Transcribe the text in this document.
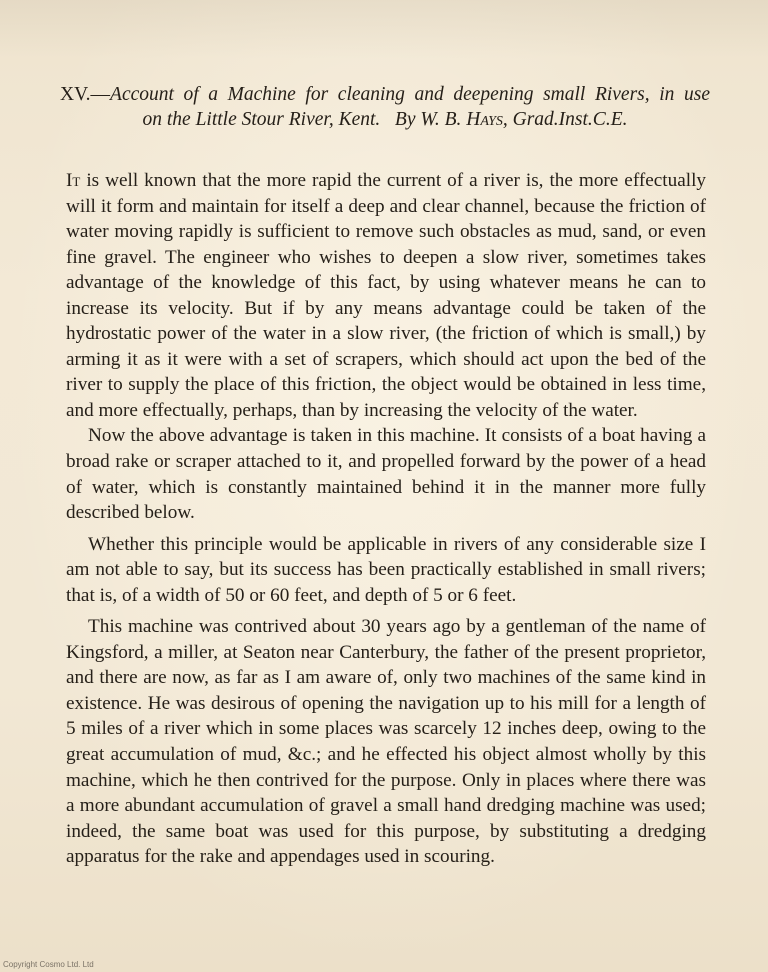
XV.—Account of a Machine for cleaning and deepening small Rivers, in use
on the Little Stour River, Kent. By W. B. Hays, Grad.Inst.C.E.

It is well known that the more rapid the current of a river is, the more effectually will it form and maintain for itself a deep and clear channel, because the friction of water moving rapidly is sufficient to remove such obstacles as mud, sand, or even fine gravel. The engineer who wishes to deepen a slow river, sometimes takes advantage of the knowledge of this fact, by using whatever means he can to increase its velocity. But if by any means advantage could be taken of the hydrostatic power of the water in a slow river, (the friction of which is small,) by arming it as it were with a set of scrapers, which should act upon the bed of the river to supply the place of this friction, the object would be obtained in less time, and more effectually, perhaps, than by increasing the velocity of the water.

Now the above advantage is taken in this machine. It consists of a boat having a broad rake or scraper attached to it, and propelled forward by the power of a head of water, which is constantly maintained behind it in the manner more fully described below.

Whether this principle would be applicable in rivers of any considerable size I am not able to say, but its success has been practically established in small rivers; that is, of a width of 50 or 60 feet, and depth of 5 or 6 feet.

This machine was contrived about 30 years ago by a gentleman of the name of Kingsford, a miller, at Seaton near Canterbury, the father of the present proprietor, and there are now, as far as I am aware of, only two machines of the same kind in existence. He was desirous of opening the navigation up to his mill for a length of 5 miles of a river which in some places was scarcely 12 inches deep, owing to the great accumulation of mud, &c.; and he effected his object almost wholly by this machine, which he then contrived for the purpose. Only in places where there was a more abundant accumulation of gravel a small hand dredging machine was used; indeed, the same boat was used for this purpose, by substituting a dredging apparatus for the rake and appendages used in scouring.

Copyright Cosmo Ltd. Ltd
